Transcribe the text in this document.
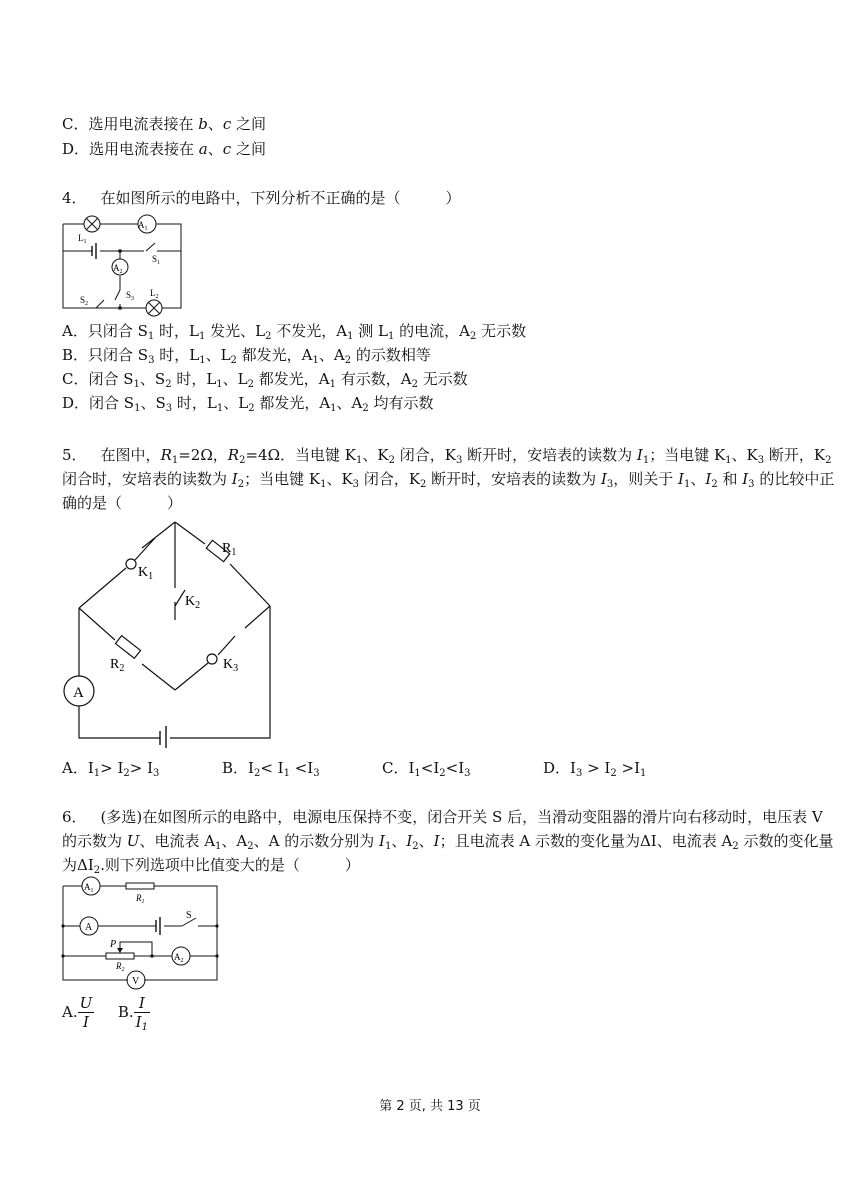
C．选用电流表接在 b、c 之间
D．选用电流表接在 a、c 之间
4． 在如图所示的电路中，下列分析不正确的是（　　　）
$A_1$
$A_2$
$L_1$
$L_2$
$S_1$
$S_2$
$S_3$
A．只闭合 $S_1$ 时，$L_1$ 发光、$L_2$ 不发光，$A_1$ 测 $L_1$ 的电流，$A_2$ 无示数
B．只闭合 $S_3$ 时，$L_1$、$L_2$ 都发光，$A_1$、$A_2$ 的示数相等
C．闭合 $S_1$、$S_2$ 时，$L_1$、$L_2$ 都发光，$A_1$ 有示数，$A_2$ 无示数
D．闭合 $S_1$、$S_3$ 时，$L_1$、$L_2$ 都发光，$A_1$、$A_2$ 均有示数
5． 在图中，$R_1=2\Omega$，$R_2=4\Omega$．当电键 $K_1$、$K_2$ 闭合，$K_3$ 断开时，安培表的读数为 $I_1$；当电键 $K_1$、$K_3$ 断开，$K_2$ 闭合时，安培表的读数为 $I_2$；当电键 $K_1$、$K_3$ 闭合，$K_2$ 断开时，安培表的读数为 $I_3$，则关于 $I_1$、$I_2$ 和 $I_3$ 的比较中正确的是（　　　）
$K_1$
$K_2$
$K_3$
$R_1$
$R_2$
A
A．$I_1> I_2> I_3$	B．$I_2< I_1 <I_3$	C．$I_1<I_2<I_3$	D．$I_3 > I_2 >I_1$
6． (多选)在如图所示的电路中，电源电压保持不变，闭合开关 S 后，当滑动变阻器的滑片向右移动时，电压表 V 的示数为 U、电流表 $A_1$、$A_2$、A 的示数分别为 $I_1$、$I_2$、I；且电流表 A 示数的变化量为ΔI、电流表 $A_2$ 示数的变化量为$\Delta I_2$.则下列选项中比值变大的是（　　　）
$A_1$
$R_1$
A
S
P
$R_2$
$A_2$
V
A. $\frac{U}{I} B$. $\frac{I}{I_1}$
第 2 页, 共 13 页
